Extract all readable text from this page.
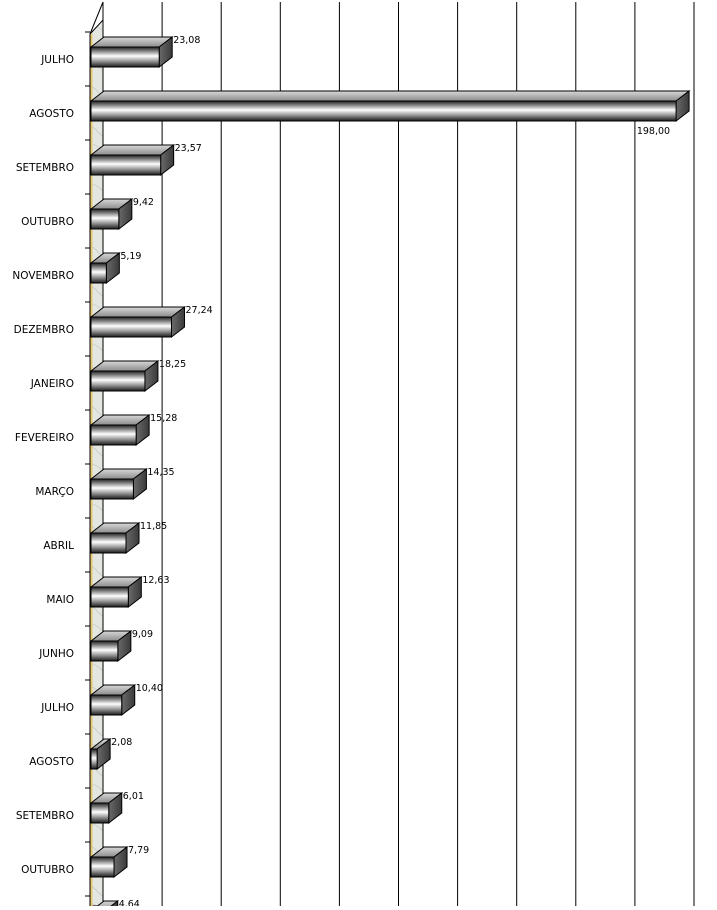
JULHO
AGOSTO
SETEMBRO
OUTUBRO
NOVEMBRO
DEZEMBRO
JANEIRO
FEVEREIRO
MARÇO
ABRIL
MAIO
JUNHO
JULHO
AGOSTO
SETEMBRO
OUTUBRO
23,08
198,00
23,57
9,42
5,19
27,24
18,25
15,28
14,35
11,85
12,63
9,09
10,40
2,08
6,01
7,79
4,64
